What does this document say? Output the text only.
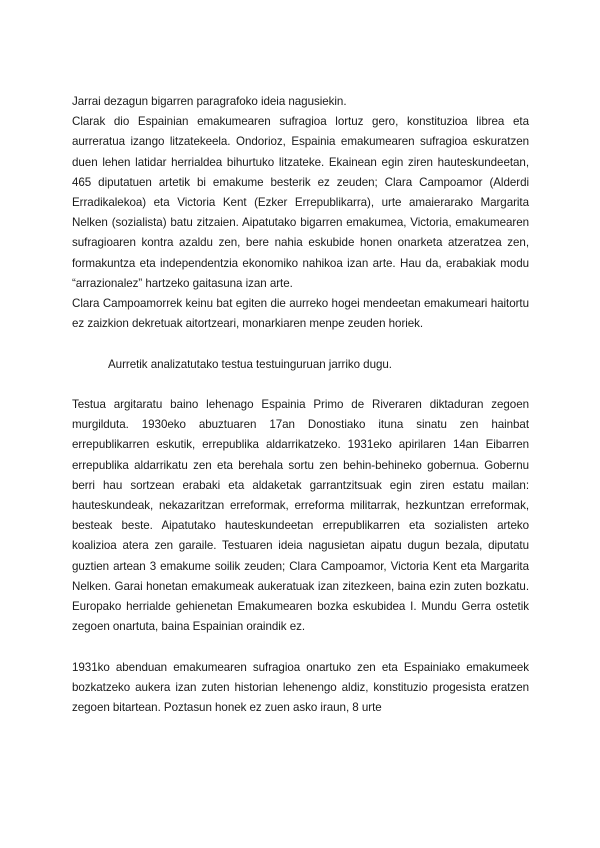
Jarrai dezagun bigarren paragrafoko ideia nagusiekin.

Clarak dio Espainian emakumearen sufragioa lortuz gero, konstituzioa librea eta aurreratua izango litzatekeela. Ondorioz, Espainia emakumearen sufragioa eskuratzen duen lehen latidar herrialdea bihurtuko litzateke. Ekainean egin ziren hauteskundeetan, 465 diputatuen artetik bi emakume besterik ez zeuden; Clara Campoamor (Alderdi Erradikalekoa) eta Victoria Kent (Ezker Errepublikarra), urte amaierarako Margarita Nelken (sozialista) batu zitzaien. Aipatutako bigarren emakumea, Victoria, emakumearen sufragioaren kontra azaldu zen, bere nahia eskubide honen onarketa atzeratzea zen, formakuntza eta independentzia ekonomiko nahikoa izan arte. Hau da, erabakiak modu “arrazionalez” hartzeko gaitasuna izan arte.

Clara Campoamorrek keinu bat egiten die aurreko hogei mendeetan emakumeari haitortu ez zaizkion dekretuak aitortzeari, monarkiaren menpe zeuden horiek.

Aurretik analizatutako testua testuinguruan jarriko dugu.

Testua argitaratu baino lehenago Espainia Primo de Riveraren diktaduran zegoen murgilduta. 1930eko abuztuaren 17an Donostiako ituna sinatu zen hainbat errepublikarren eskutik, errepublika aldarrikatzeko. 1931eko apirilaren 14an Eibarren errepublika aldarrikatu zen eta berehala sortu zen behin-behineko gobernua. Gobernu berri hau sortzean erabaki eta aldaketak garrantzitsuak egin ziren estatu mailan: hauteskundeak, nekazaritzan erreformak, erreforma militarrak, hezkuntzan erreformak, besteak beste. Aipatutako hauteskundeetan errepublikarren eta sozialisten arteko koalizioa atera zen garaile. Testuaren ideia nagusietan aipatu dugun bezala, diputatu guztien artean 3 emakume soilik zeuden; Clara Campoamor, Victoria Kent eta Margarita Nelken. Garai honetan emakumeak aukeratuak izan zitezkeen, baina ezin zuten bozkatu. Europako herrialde gehienetan Emakumearen bozka eskubidea I. Mundu Gerra ostetik zegoen onartuta, baina Espainian oraindik ez.

1931ko abenduan emakumearen sufragioa onartuko zen eta Espainiako emakumeek bozkatzeko aukera izan zuten historian lehenengo aldiz, konstituzio progesista eratzen zegoen bitartean. Poztasun honek ez zuen asko iraun, 8 urte
